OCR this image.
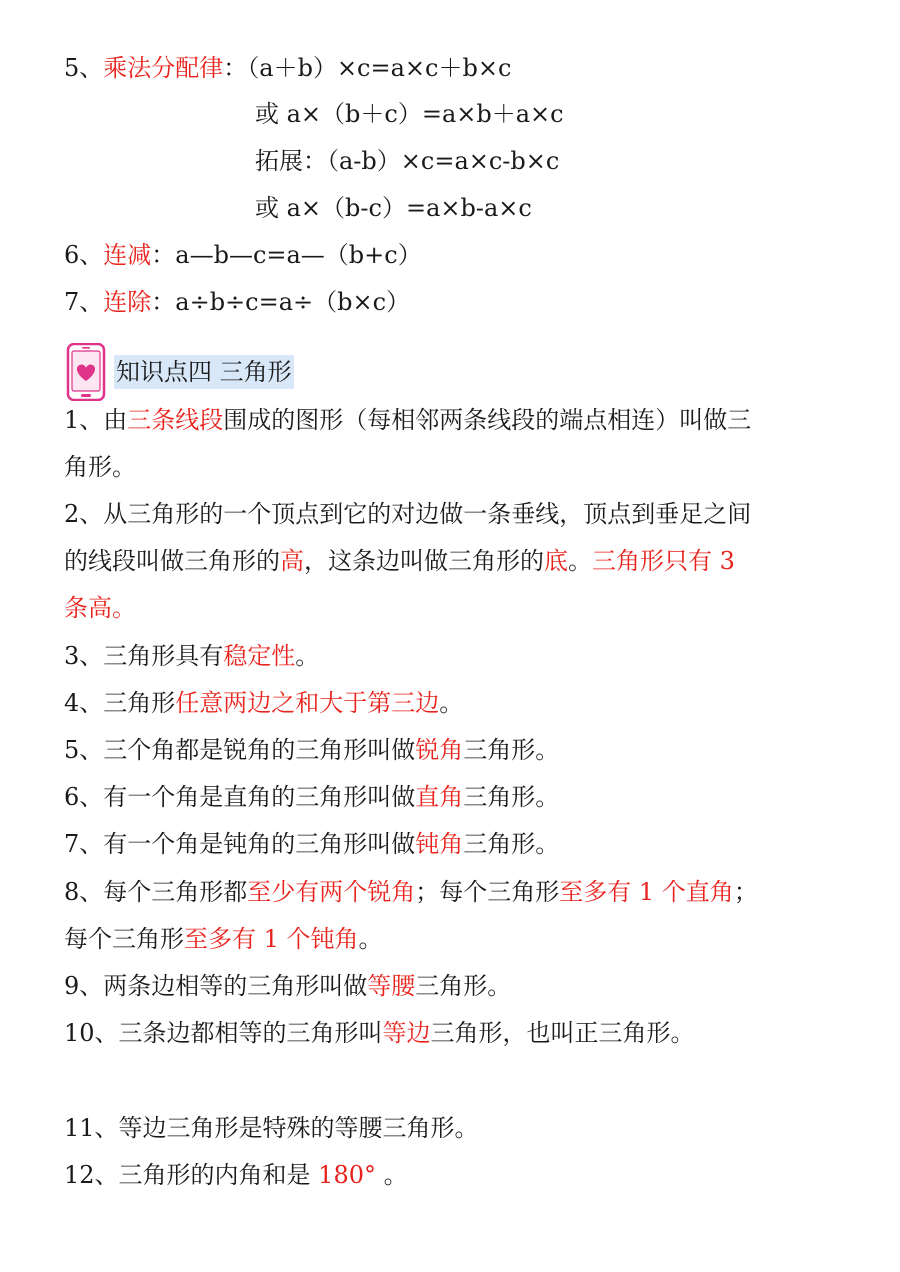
5、乘法分配律：（a＋b）×c=a×c＋b×c
或 a×（b＋c）=a×b＋a×c
拓展：（a-b）×c=a×c-b×c
或 a×（b-c）=a×b-a×c
6、连减：a—b—c=a—（b+c）
7、连除：a÷b÷c=a÷（b×c）
知识点四 三角形
1、由三条线段围成的图形（每相邻两条线段的端点相连）叫做三
角形。
2、从三角形的一个顶点到它的对边做一条垂线，顶点到垂足之间
的线段叫做三角形的高，这条边叫做三角形的底。三角形只有 3
条高。
3、三角形具有稳定性。
4、三角形任意两边之和大于第三边。
5、三个角都是锐角的三角形叫做锐角三角形。
6、有一个角是直角的三角形叫做直角三角形。
7、有一个角是钝角的三角形叫做钝角三角形。
8、每个三角形都至少有两个锐角；每个三角形至多有 1 个直角；
每个三角形至多有 1 个钝角。
9、两条边相等的三角形叫做等腰三角形。
10、三条边都相等的三角形叫等边三角形，也叫正三角形。
11、等边三角形是特殊的等腰三角形。
12、三角形的内角和是 180° 。
